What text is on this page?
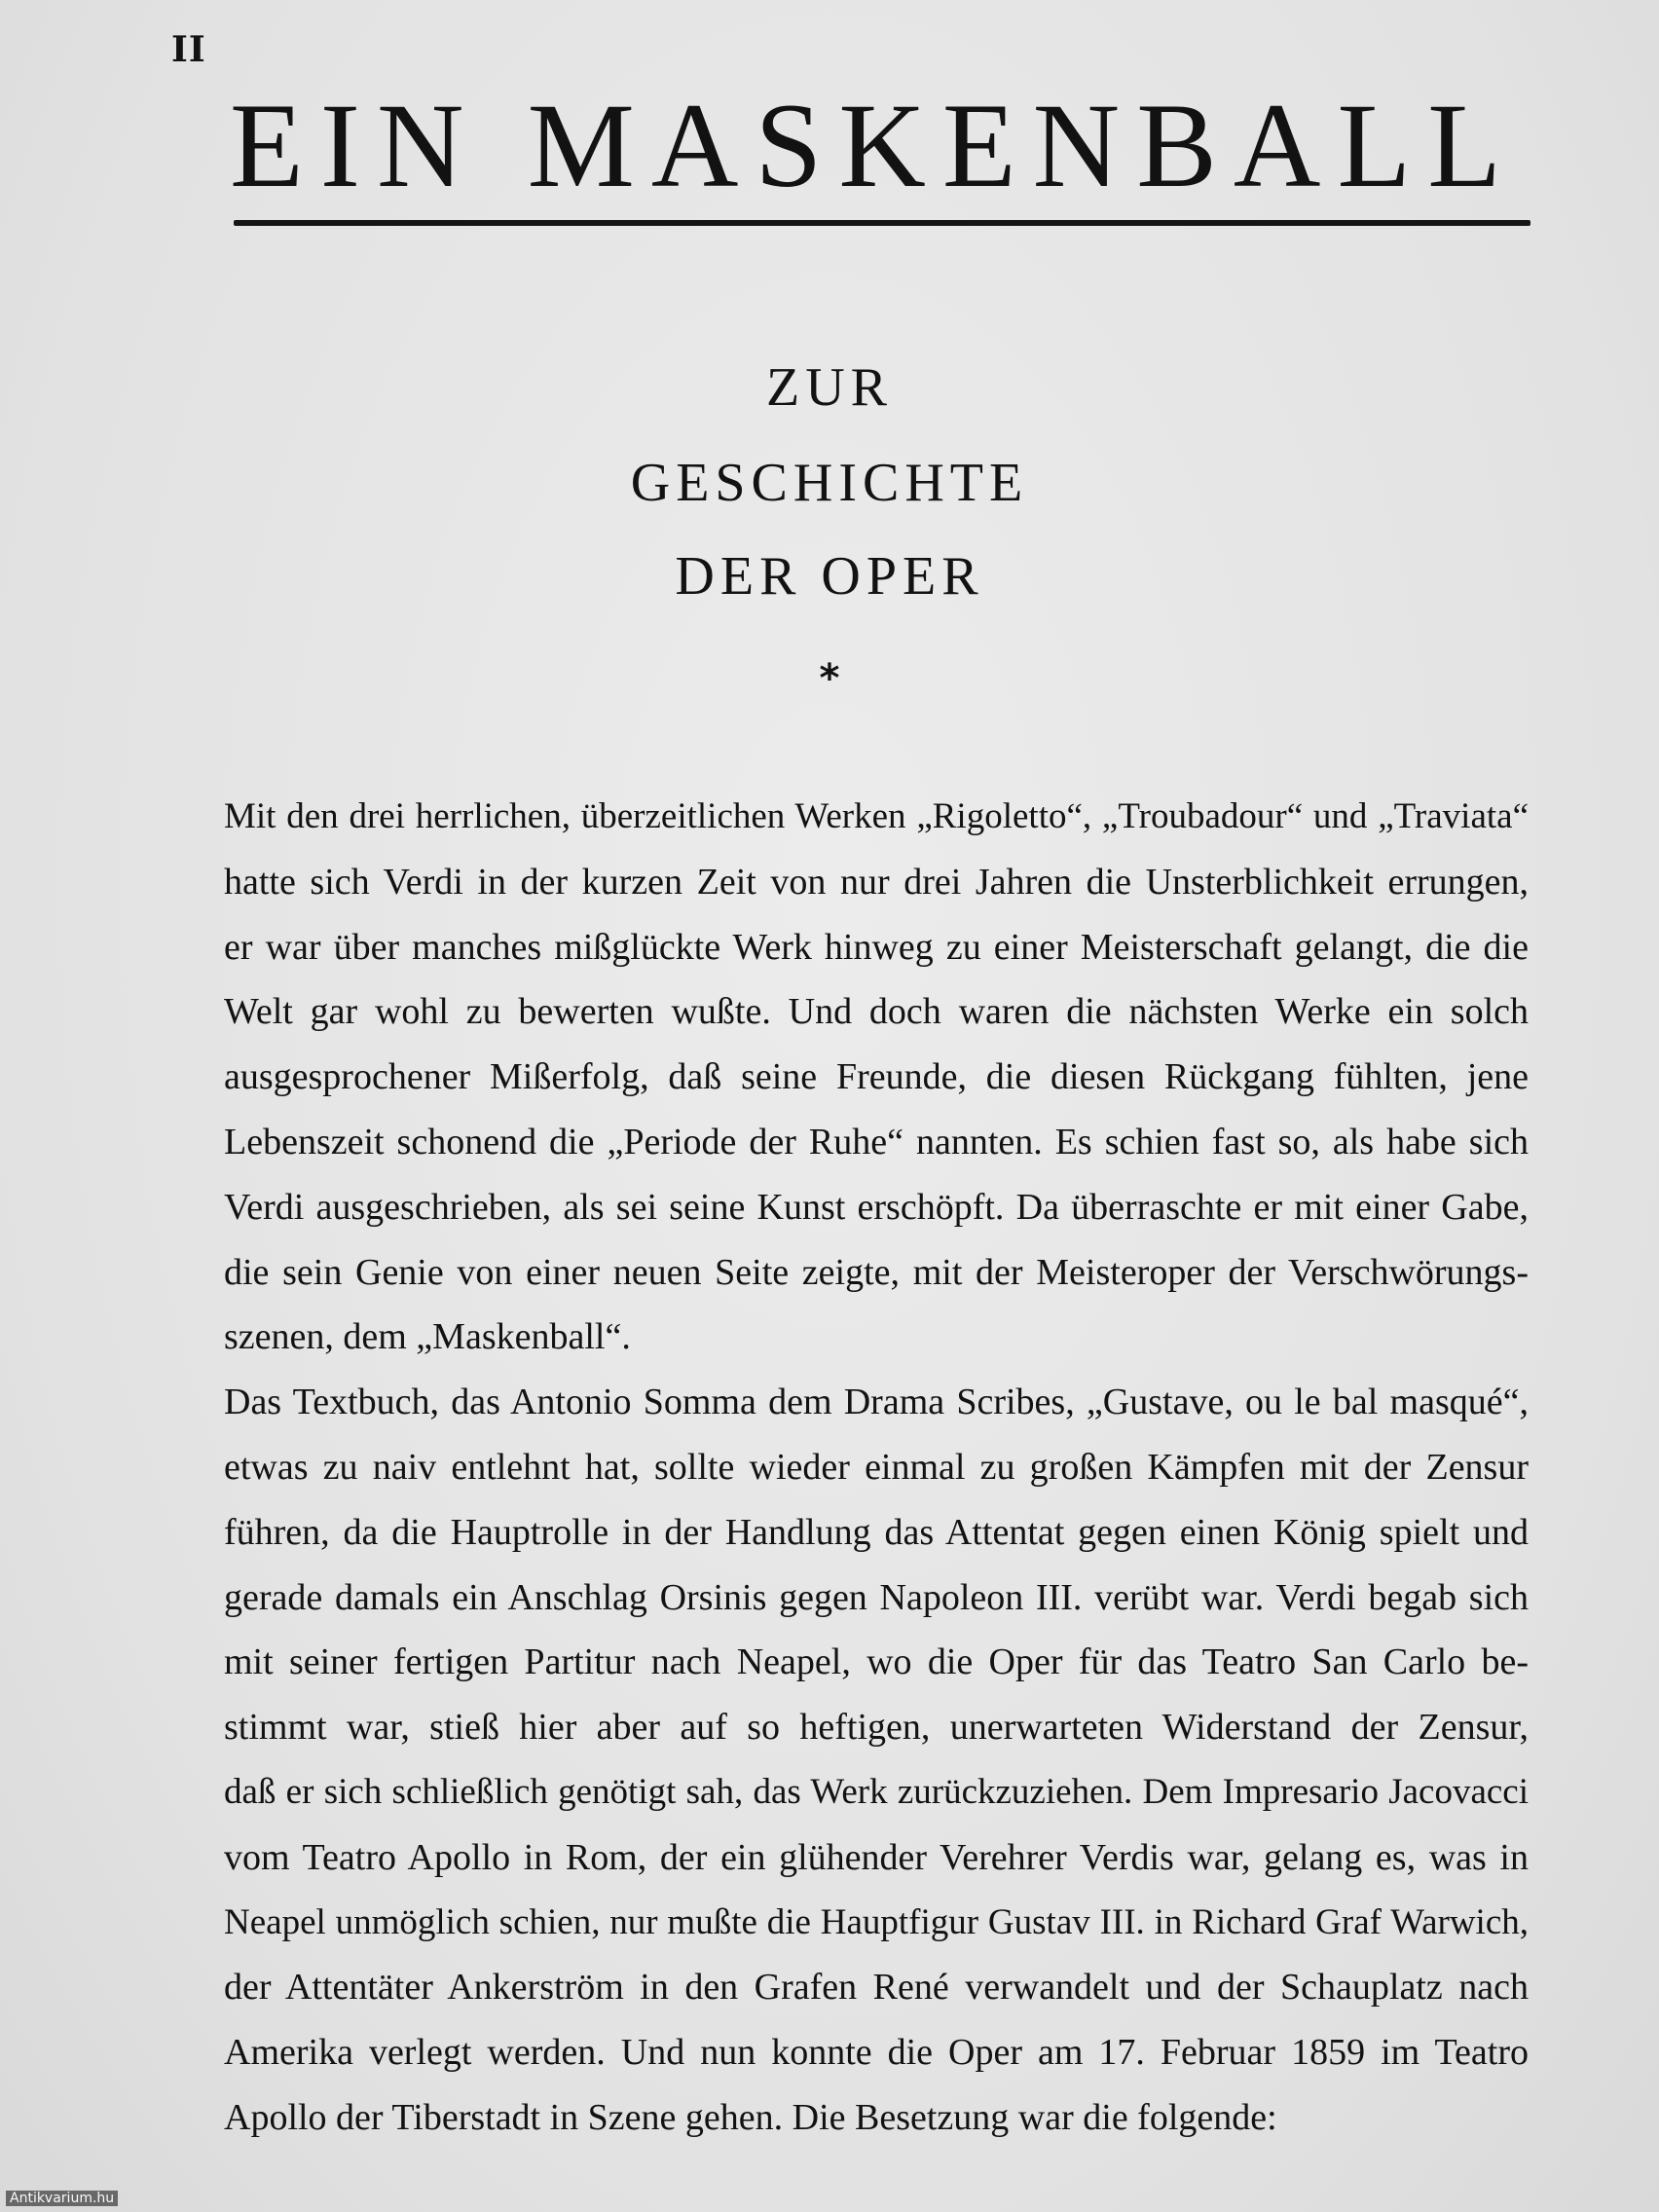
II
EIN MASKENBALL
ZUR
GESCHICHTE
DER OPER
*
Mit den drei herrlichen, überzeitlichen Werken „Rigoletto“, „Troubadour“ und „Traviata“
hatte sich Verdi in der kurzen Zeit von nur drei Jahren die Unsterblichkeit errungen,
er war über manches mißglückte Werk hinweg zu einer Meisterschaft gelangt, die die
Welt gar wohl zu bewerten wußte. Und doch waren die nächsten Werke ein solch
ausgesprochener Mißerfolg, daß seine Freunde, die diesen Rückgang fühlten, jene
Lebenszeit schonend die „Periode der Ruhe“ nannten. Es schien fast so, als habe sich
Verdi ausgeschrieben, als sei seine Kunst erschöpft. Da überraschte er mit einer Gabe,
die sein Genie von einer neuen Seite zeigte, mit der Meisteroper der Verschwörungs-
szenen, dem „Maskenball“.
Das Textbuch, das Antonio Somma dem Drama Scribes, „Gustave, ou le bal masqué“,
etwas zu naiv entlehnt hat, sollte wieder einmal zu großen Kämpfen mit der Zensur
führen, da die Hauptrolle in der Handlung das Attentat gegen einen König spielt und
gerade damals ein Anschlag Orsinis gegen Napoleon III. verübt war. Verdi begab sich
mit seiner fertigen Partitur nach Neapel, wo die Oper für das Teatro San Carlo be-
stimmt war, stieß hier aber auf so heftigen, unerwarteten Widerstand der Zensur,
daß er sich schließlich genötigt sah, das Werk zurückzuziehen. Dem Impresario Jacovacci
vom Teatro Apollo in Rom, der ein glühender Verehrer Verdis war, gelang es, was in
Neapel unmöglich schien, nur mußte die Hauptfigur Gustav III. in Richard Graf Warwich,
der Attentäter Ankerström in den Grafen René verwandelt und der Schauplatz nach
Amerika verlegt werden. Und nun konnte die Oper am 17. Februar 1859 im Teatro
Apollo der Tiberstadt in Szene gehen. Die Besetzung war die folgende:
Antikvarium.hu
